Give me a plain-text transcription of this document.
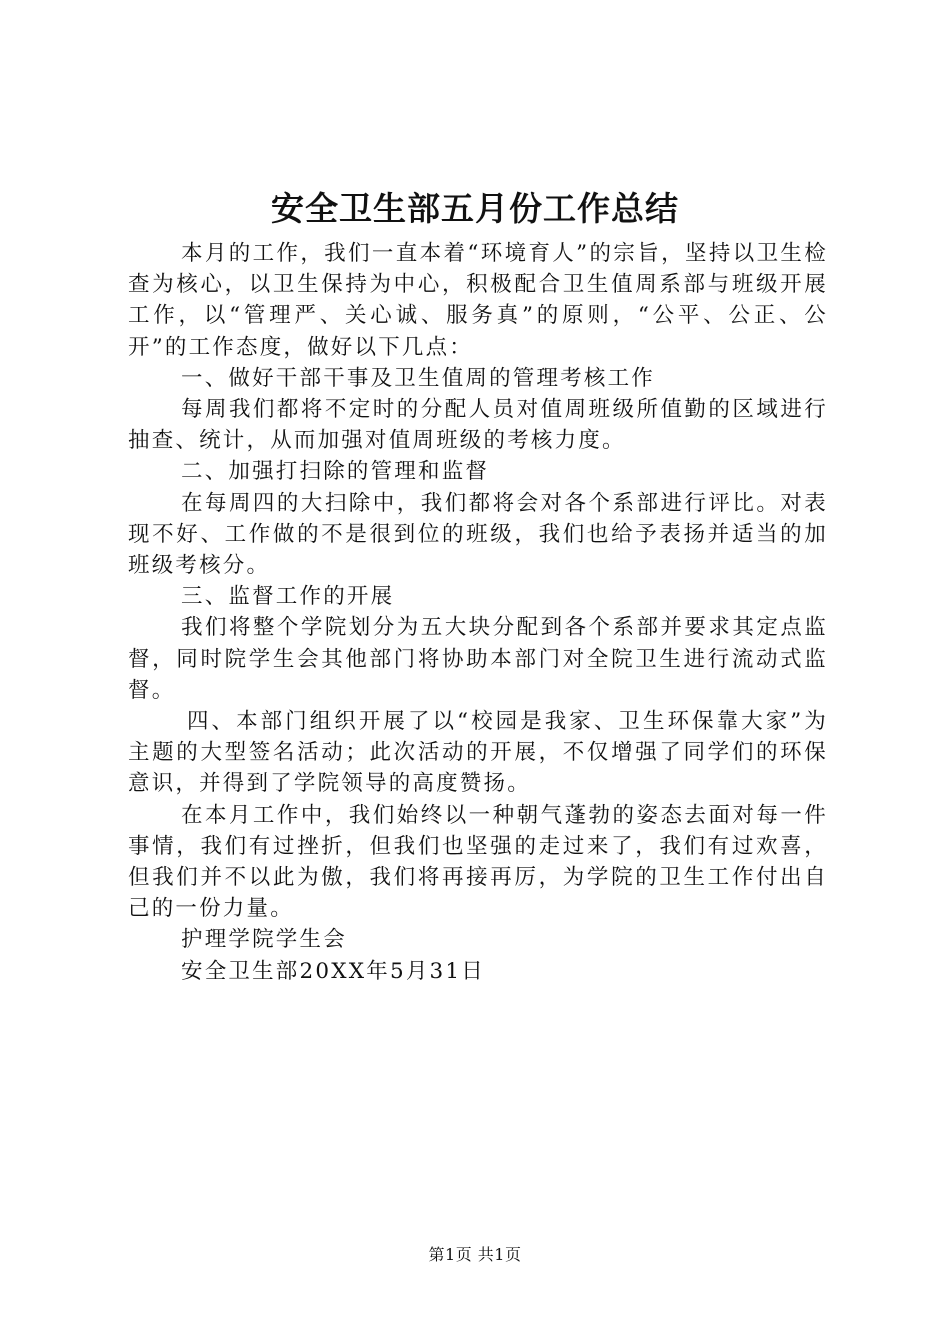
安全卫生部五月份工作总结

本月的工作，我们一直本着“环境育人”的宗旨，坚持以卫生检查为核心，以卫生保持为中心，积极配合卫生值周系部与班级开展工作，以“管理严、关心诚、服务真”的原则，“公平、公正、公开”的工作态度，做好以下几点：

一、做好干部干事及卫生值周的管理考核工作

每周我们都将不定时的分配人员对值周班级所值勤的区域进行抽查、统计，从而加强对值周班级的考核力度。

二、加强打扫除的管理和监督

在每周四的大扫除中，我们都将会对各个系部进行评比。对表现不好、工作做的不是很到位的班级，我们也给予表扬并适当的加班级考核分。

三、监督工作的开展

我们将整个学院划分为五大块分配到各个系部并要求其定点监督，同时院学生会其他部门将协助本部门对全院卫生进行流动式监督。

四、本部门组织开展了以“校园是我家、卫生环保靠大家”为主题的大型签名活动；此次活动的开展，不仅增强了同学们的环保意识，并得到了学院领导的高度赞扬。

在本月工作中，我们始终以一种朝气蓬勃的姿态去面对每一件事情，我们有过挫折，但我们也坚强的走过来了，我们有过欢喜，但我们并不以此为傲，我们将再接再厉，为学院的卫生工作付出自己的一份力量。

护理学院学生会

安全卫生部20XX年5月31日

第1页 共1页
